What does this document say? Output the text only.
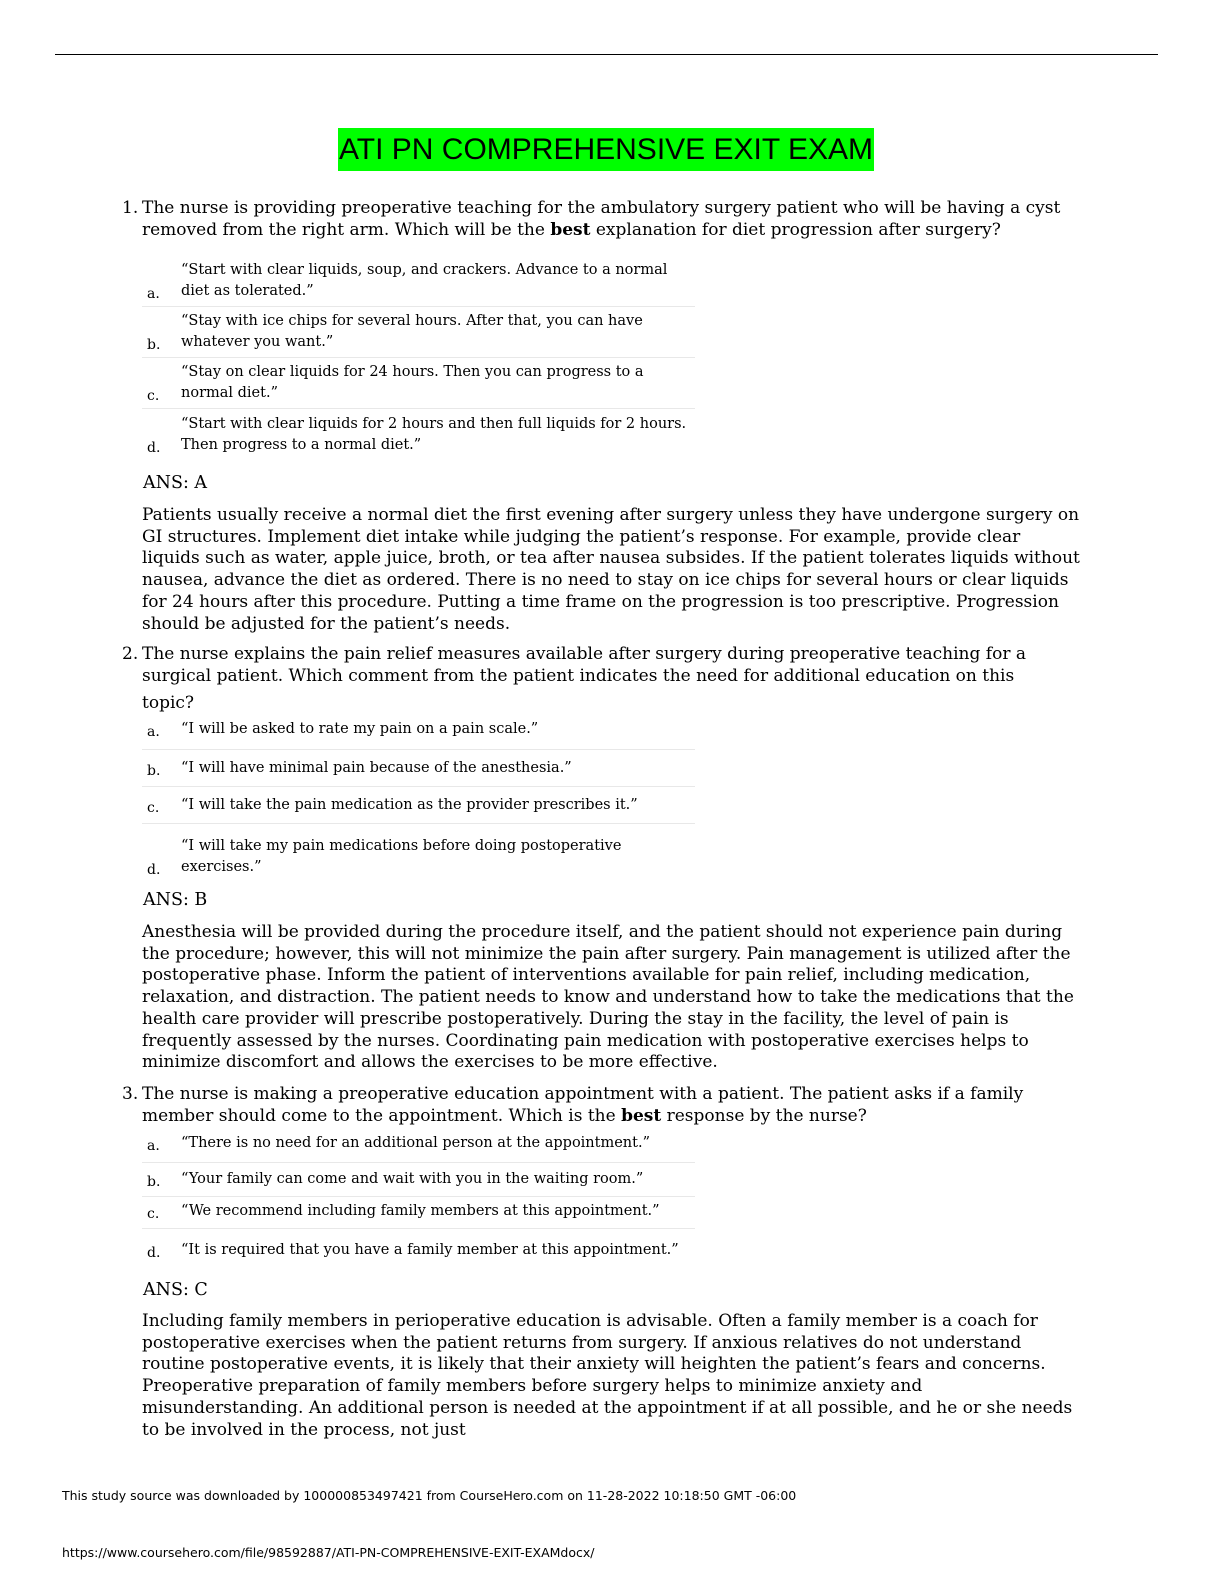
ATI PN COMPREHENSIVE EXIT EXAM
1. The nurse is providing preoperative teaching for the ambulatory surgery patient who will be having a cyst
removed from the right arm. Which will be the best explanation for diet progression after surgery?
a.
“Start with clear liquids, soup, and crackers. Advance to a normal diet as tolerated.”
b.
“Stay with ice chips for several hours. After that, you can have whatever you want.”
c.
“Stay on clear liquids for 24 hours. Then you can progress to a normal diet.”
d.
“Start with clear liquids for 2 hours and then full liquids for 2 hours. Then progress to a normal diet.”
ANS: A
Patients usually receive a normal diet the first evening after surgery unless they have undergone surgery on GI structures. Implement diet intake while judging the patient’s response. For example, provide clear liquids such as water, apple juice, broth, or tea after nausea subsides. If the patient tolerates liquids without nausea, advance the diet as ordered. There is no need to stay on ice chips for several hours or clear liquids for 24 hours after this procedure. Putting a time frame on the progression is too prescriptive. Progression should be adjusted for the patient’s needs.
2. The nurse explains the pain relief measures available after surgery during preoperative teaching for a
surgical patient. Which comment from the patient indicates the need for additional education on this
topic?
a. “I will be asked to rate my pain on a pain scale.”
b. “I will have minimal pain because of the anesthesia.”
c. “I will take the pain medication as the provider prescribes it.”
d.
“I will take my pain medications before doing postoperative exercises.”
ANS: B
Anesthesia will be provided during the procedure itself, and the patient should not experience pain during the procedure; however, this will not minimize the pain after surgery. Pain management is utilized after the postoperative phase. Inform the patient of interventions available for pain relief, including medication, relaxation, and distraction. The patient needs to know and understand how to take the medications that the health care provider will prescribe postoperatively. During the stay in the facility, the level of pain is frequently assessed by the nurses. Coordinating pain medication with postoperative exercises helps to minimize discomfort and allows the exercises to be more effective.
3. The nurse is making a preoperative education appointment with a patient. The patient asks if a family
member should come to the appointment. Which is the best response by the nurse?
a. “There is no need for an additional person at the appointment.”
b. “Your family can come and wait with you in the waiting room.”
c. “We recommend including family members at this appointment.”
d. “It is required that you have a family member at this appointment.”
ANS: C
Including family members in perioperative education is advisable. Often a family member is a coach for postoperative exercises when the patient returns from surgery. If anxious relatives do not understand routine postoperative events, it is likely that their anxiety will heighten the patient’s fears and concerns. Preoperative preparation of family members before surgery helps to minimize anxiety and misunderstanding. An additional person is needed at the appointment if at all possible, and he or she needs to be involved in the process, not just
This study source was downloaded by 100000853497421 from CourseHero.com on 11-28-2022 10:18:50 GMT -06:00
https://www.coursehero.com/file/98592887/ATI-PN-COMPREHENSIVE-EXIT-EXAMdocx/
